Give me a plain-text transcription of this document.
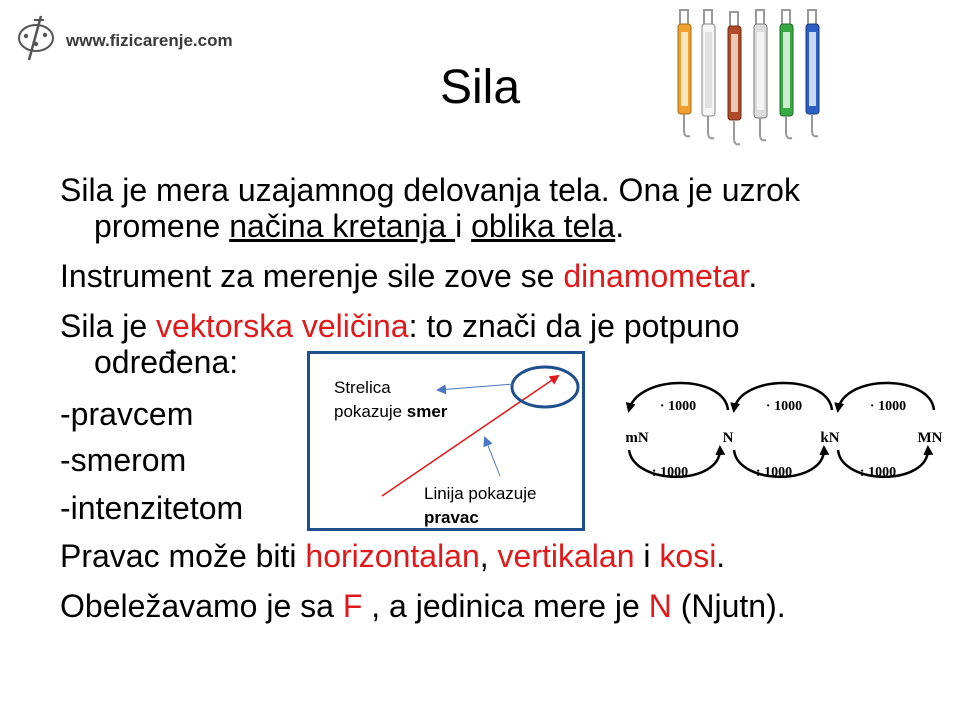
www.fizicarenje.com
Sila
Sila je mera uzajamnog delovanja tela. Ona je uzrok
promene načina kretanja i oblika tela.
Instrument za merenje sile zove se dinamometar.
Sila je vektorska veličina: to znači da je potpuno
određena:
-pravcem
-smerom
-intenzitetom
Pravac može biti horizontalan, vertikalan i kosi.
Obeležavamo je sa F , a jedinica mere je N (Njutn).
Strelica
pokazuje smer
Linija pokazuje
pravac
· 1000	· 1000	· 1000
mN	N	kN	MN
: 1000	: 1000	: 1000
